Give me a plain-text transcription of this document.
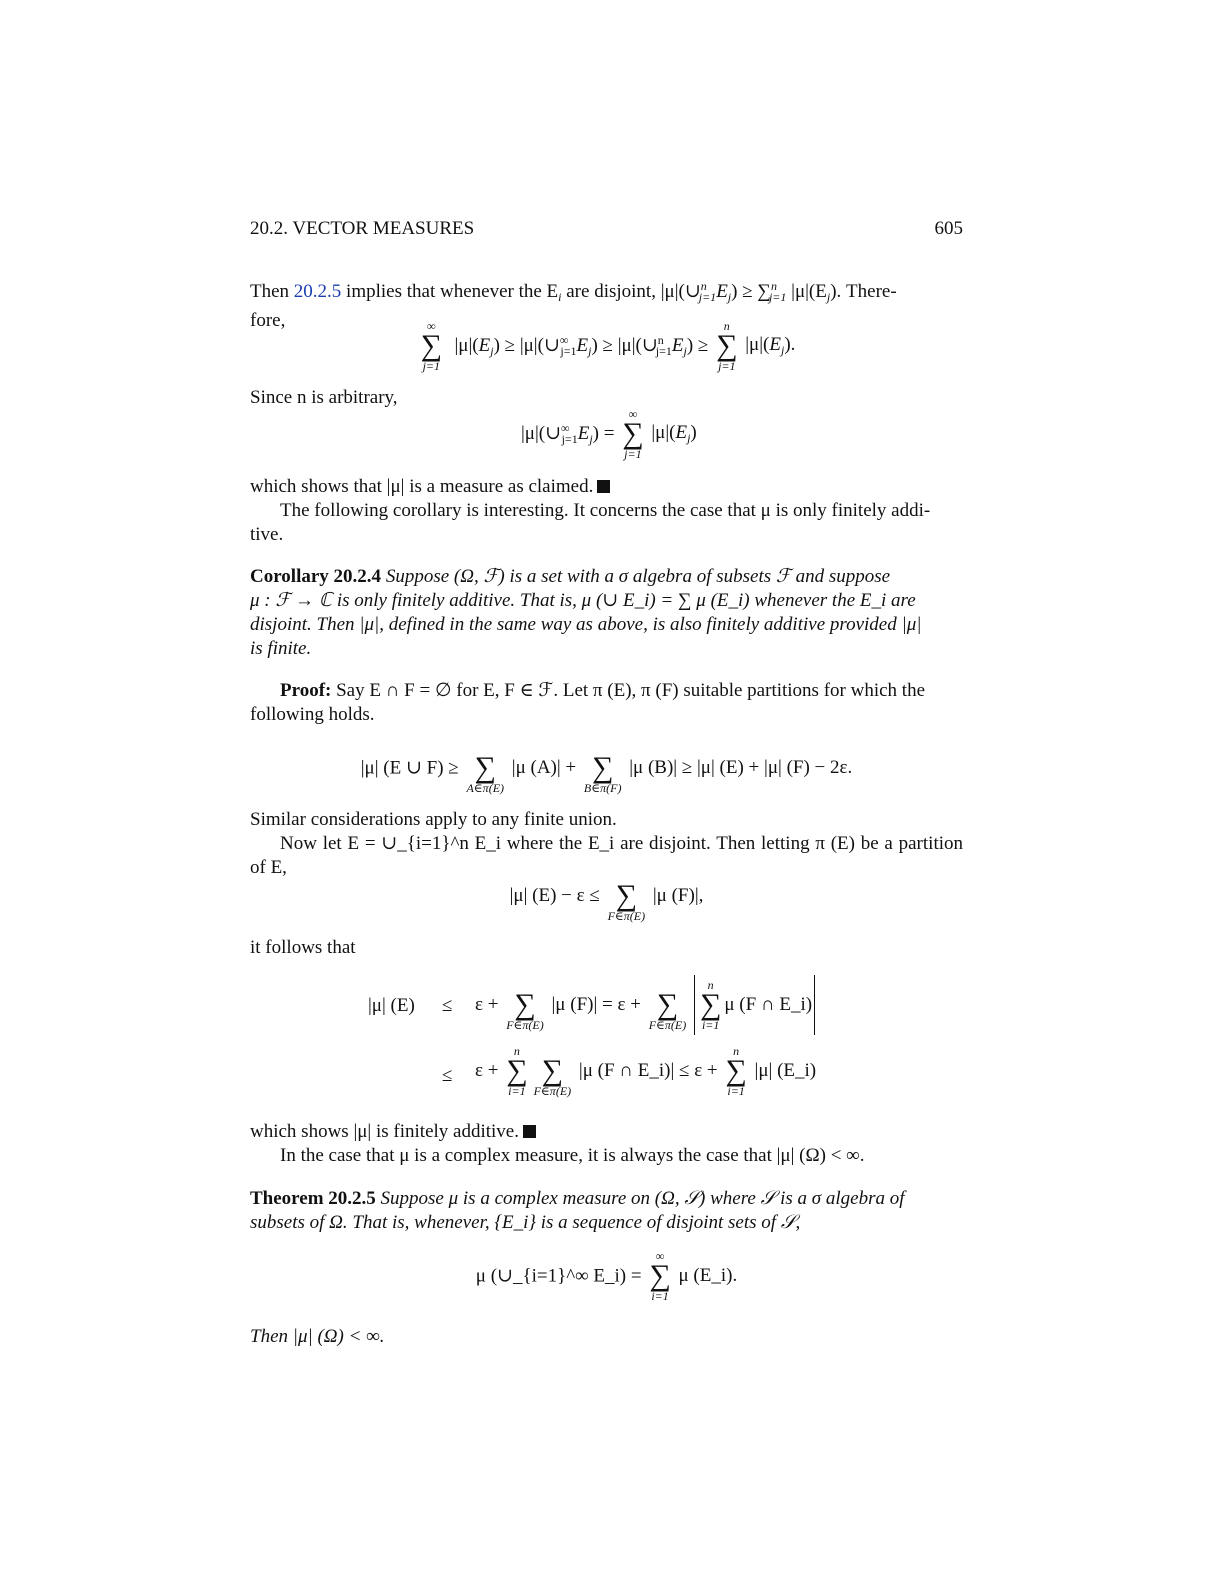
20.2. VECTOR MEASURES	605
Then 20.2.5 implies that whenever the $E_i$ are disjoint, $|\mu|(\cup^n_{j=1}E_j) \ge \sum^n_{j=1}$ $|\mu|(E_j)$. There-
fore,	∞
∑
j=1
$|\mu|(E_j)$ ≥ $|\mu|(\cup^\infty_{j=1}E_j)$ ≥ $|\mu|(\cup^n_{j=1}E_j)$ ≥
n
∑
j=1
$|\mu|(E_j)$.
Since n is arbitrary,
$|\mu|(\cup^\infty_{j=1}E_j)$ =
∞
∑
j=1
$|\mu|(E_j)$
which shows that |μ| is a measure as claimed.
The following corollary is interesting. It concerns the case that μ is only finitely addi-
tive.
Corollary 20.2.4 Suppose (Ω, ℱ) is a set with a σ algebra of subsets ℱ and suppose
μ : ℱ → ℂ is only finitely additive. That is, μ (∪ E_i) = ∑ μ (E_i) whenever the E_i are
disjoint. Then |μ|, defined in the same way as above, is also finitely additive provided |μ|
is finite.
Proof: Say E ∩ F = ∅ for E, F ∈ ℱ. Let π (E), π (F) suitable partitions for which the
following holds.
|μ| (E ∪ F) ≥
∑
A∈π(E)
|μ (A)| +
∑
B∈π(F)
|μ (B)| ≥ |μ| (E) + |μ| (F) − 2ε.
Similar considerations apply to any finite union.
Now let E = ∪_{i=1}^n E_i where the E_i are disjoint. Then letting π (E) be a partition of E,
|μ| (E) − ε ≤
∑
F∈π(E)
|μ (F)|,
it follows that
|μ| (E) ≤ ε +
∑
F∈π(E)
|μ (F)| = ε +
∑
F∈π(E)

n
∑
i=1
μ (F ∩ E_i)
≤ ε +
n
∑
i=1

∑
F∈π(E)
|μ (F ∩ E_i)| ≤ ε +
n
∑
i=1
|μ| (E_i)
which shows |μ| is finitely additive.
In the case that μ is a complex measure, it is always the case that |μ| (Ω) < ∞.
Theorem 20.2.5 Suppose μ is a complex measure on (Ω, 𝒮) where 𝒮 is a σ algebra of
subsets of Ω. That is, whenever, {E_i} is a sequence of disjoint sets of 𝒮,
μ (∪_{i=1}^∞ E_i) =
∞
∑
i=1
μ (E_i).
Then |μ| (Ω) < ∞.
